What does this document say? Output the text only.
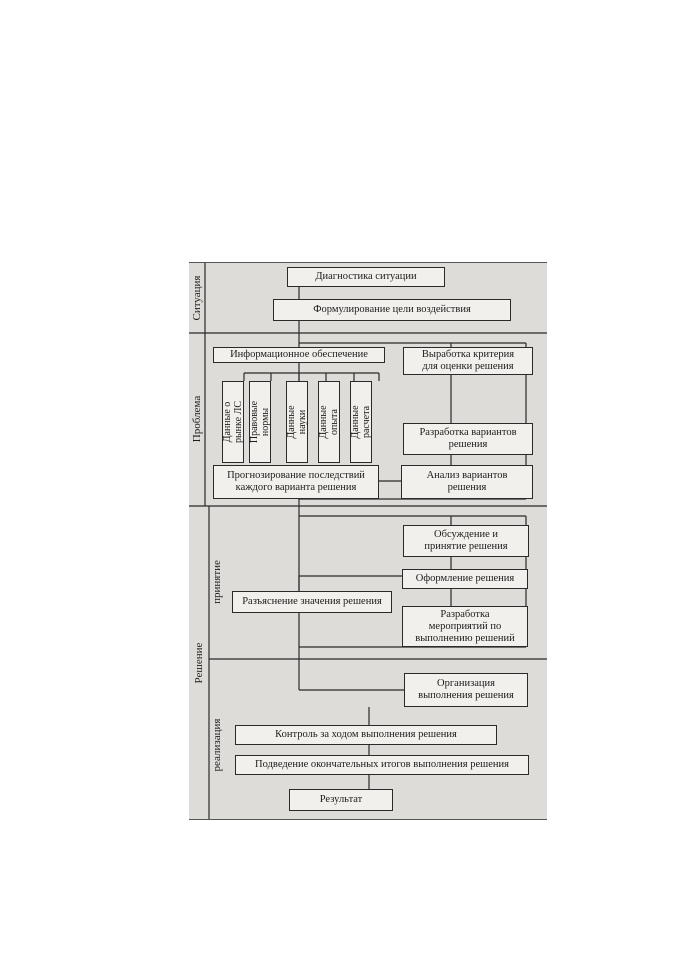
Ситуация
Проблема
Решение
принятие
реализация
Диагностика ситуации
Формулирование цели воздействия
Информационное обеспечение	Выработка критерия
для оценки решения
Данные о
рынке ЛС Правовые
нормы Данные
науки Данные
опыта Данные
расчета	Разработка вариантов
решения
Прогнозирование последствий
каждого варианта решения
Анализ вариантов
решения
Обсуждение и
принятие решения
Оформление решения
Разъяснение значения решения
Разработка
мероприятий по
выполнению решений
Организация
выполнения решения
Контроль за ходом выполнения решения
Подведение окончательных итогов выполнения решения
Результат
